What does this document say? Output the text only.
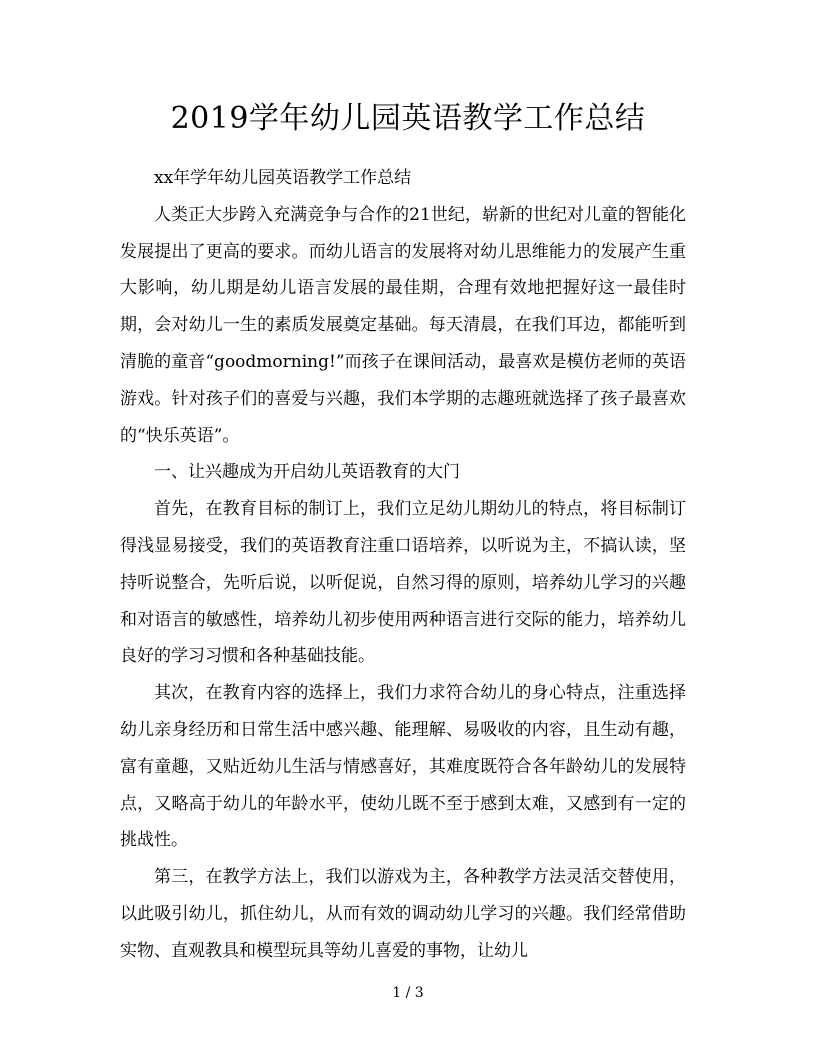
2019学年幼儿园英语教学工作总结

xx年学年幼儿园英语教学工作总结

人类正大步跨入充满竞争与合作的21世纪，崭新的世纪对儿童的智能化发展提出了更高的要求。而幼儿语言的发展将对幼儿思维能力的发展产生重大影响，幼儿期是幼儿语言发展的最佳期，合理有效地把握好这一最佳时期，会对幼儿一生的素质发展奠定基础。每天清晨，在我们耳边，都能听到清脆的童音“goodmorning!”而孩子在课间活动，最喜欢是模仿老师的英语游戏。针对孩子们的喜爱与兴趣，我们本学期的志趣班就选择了孩子最喜欢的“快乐英语”。

一、让兴趣成为开启幼儿英语教育的大门

首先，在教育目标的制订上，我们立足幼儿期幼儿的特点，将目标制订得浅显易接受，我们的英语教育注重口语培养，以听说为主，不搞认读，坚持听说整合，先听后说，以听促说，自然习得的原则，培养幼儿学习的兴趣和对语言的敏感性，培养幼儿初步使用两种语言进行交际的能力，培养幼儿良好的学习习惯和各种基础技能。

其次，在教育内容的选择上，我们力求符合幼儿的身心特点，注重选择幼儿亲身经历和日常生活中感兴趣、能理解、易吸收的内容，且生动有趣，富有童趣，又贴近幼儿生活与情感喜好，其难度既符合各年龄幼儿的发展特点，又略高于幼儿的年龄水平，使幼儿既不至于感到太难，又感到有一定的挑战性。

第三，在教学方法上，我们以游戏为主，各种教学方法灵活交替使用，以此吸引幼儿，抓住幼儿，从而有效的调动幼儿学习的兴趣。我们经常借助实物、直观教具和模型玩具等幼儿喜爱的事物，让幼儿

1 / 3
